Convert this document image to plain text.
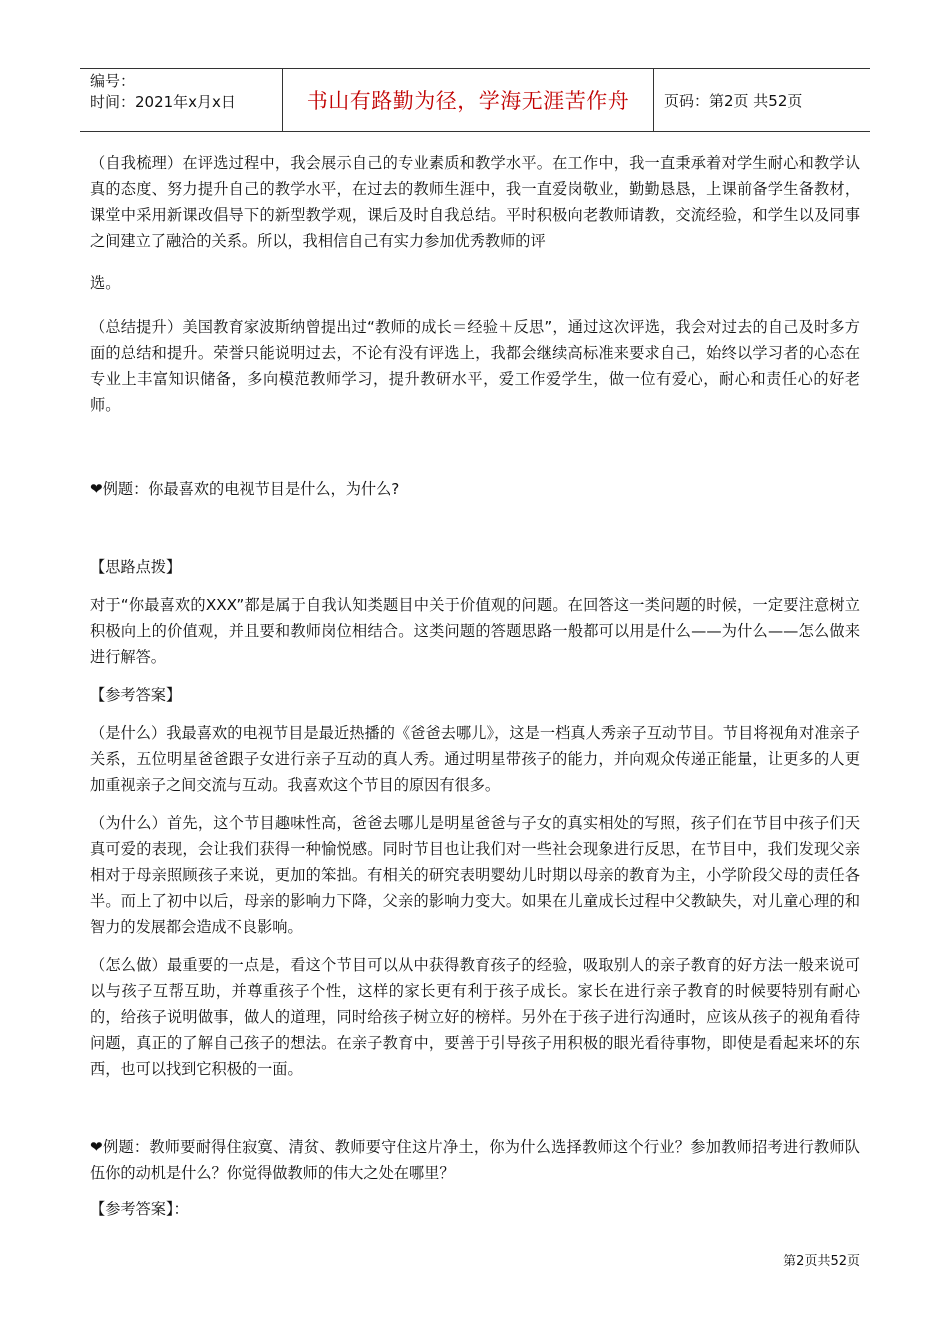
编号：
时间：2021年x月x日	书山有路勤为径，学海无涯苦作舟	页码：第2页 共52页

（自我梳理）在评选过程中，我会展示自己的专业素质和教学水平。在工作中，我一直秉承着对学生耐心和教学认真的态度、努力提升自己的教学水平，在过去的教师生涯中，我一直爱岗敬业，勤勤恳恳，上课前备学生备教材，课堂中采用新课改倡导下的新型教学观，课后及时自我总结。平时积极向老教师请教，交流经验，和学生以及同事之间建立了融洽的关系。所以，我相信自己有实力参加优秀教师的评

选。

（总结提升）美国教育家波斯纳曾提出过“教师的成长＝经验＋反思”，通过这次评选，我会对过去的自己及时多方面的总结和提升。荣誉只能说明过去，不论有没有评选上，我都会继续高标准来要求自己，始终以学习者的心态在专业上丰富知识储备，多向模范教师学习，提升教研水平，爱工作爱学生，做一位有爱心，耐心和责任心的好老师。

❤例题：你最喜欢的电视节目是什么，为什么?

【思路点拨】

对于“你最喜欢的XXX”都是属于自我认知类题目中关于价值观的问题。在回答这一类问题的时候，一定要注意树立积极向上的价值观，并且要和教师岗位相结合。这类问题的答题思路一般都可以用是什么——为什么——怎么做来进行解答。

【参考答案】

（是什么）我最喜欢的电视节目是最近热播的《爸爸去哪儿》，这是一档真人秀亲子互动节目。节目将视角对准亲子关系，五位明星爸爸跟子女进行亲子互动的真人秀。通过明星带孩子的能力，并向观众传递正能量，让更多的人更加重视亲子之间交流与互动。我喜欢这个节目的原因有很多。

（为什么）首先，这个节目趣味性高，爸爸去哪儿是明星爸爸与子女的真实相处的写照，孩子们在节目中孩子们天真可爱的表现，会让我们获得一种愉悦感。同时节目也让我们对一些社会现象进行反思，在节目中，我们发现父亲相对于母亲照顾孩子来说，更加的笨拙。有相关的研究表明婴幼儿时期以母亲的教育为主，小学阶段父母的责任各半。而上了初中以后，母亲的影响力下降，父亲的影响力变大。如果在儿童成长过程中父教缺失，对儿童心理的和智力的发展都会造成不良影响。

（怎么做）最重要的一点是，看这个节目可以从中获得教育孩子的经验，吸取别人的亲子教育的好方法一般来说可以与孩子互帮互助，并尊重孩子个性，这样的家长更有利于孩子成长。家长在进行亲子教育的时候要特别有耐心的，给孩子说明做事，做人的道理，同时给孩子树立好的榜样。另外在于孩子进行沟通时，应该从孩子的视角看待问题，真正的了解自己孩子的想法。在亲子教育中，要善于引导孩子用积极的眼光看待事物，即使是看起来坏的东西，也可以找到它积极的一面。

❤例题：教师要耐得住寂寞、清贫、教师要守住这片净土，你为什么选择教师这个行业？参加教师招考进行教师队伍你的动机是什么？你觉得做教师的伟大之处在哪里？

【参考答案】：

第2页共52页
